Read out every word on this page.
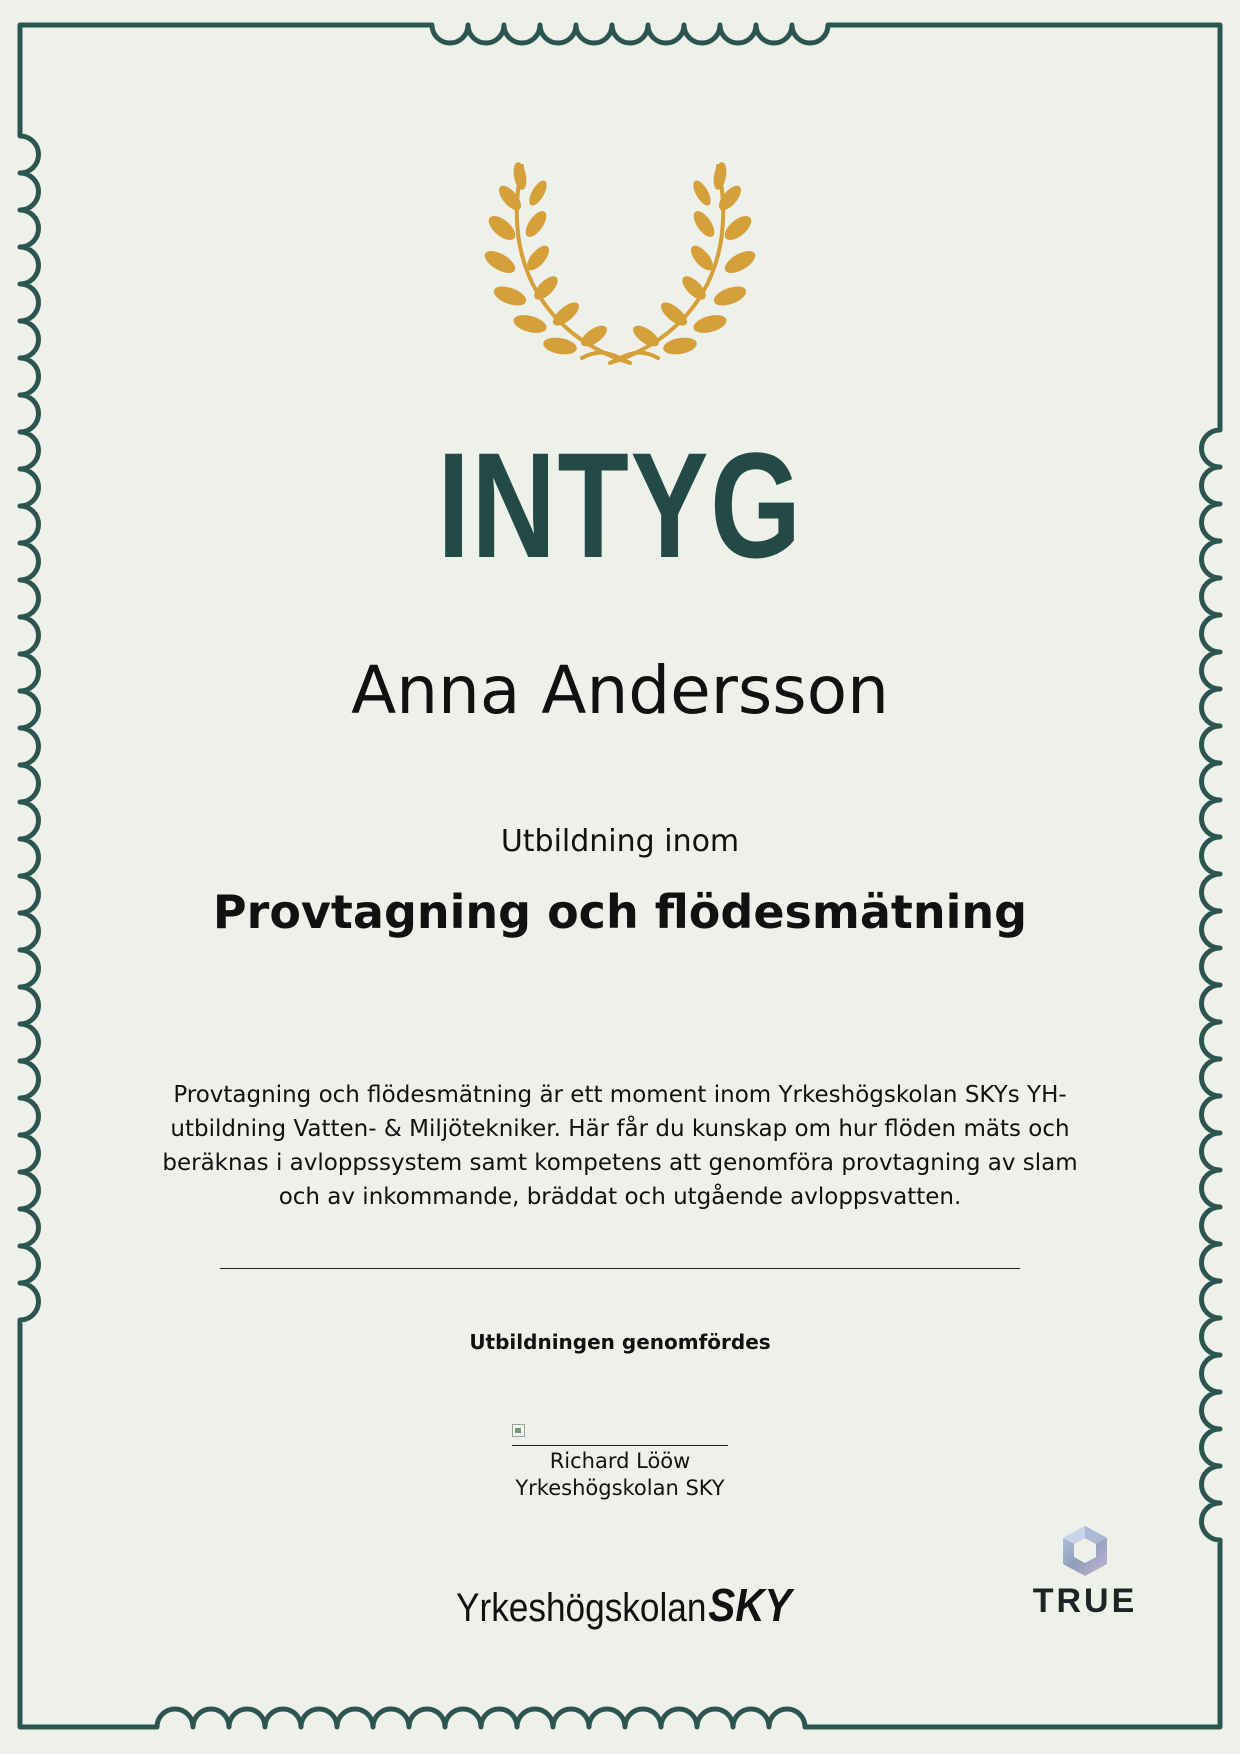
INTYG
Anna Andersson
Utbildning inom
Provtagning och flödesmätning
Provtagning och flödesmätning är ett moment inom Yrkeshögskolan SKYs YH-utbildning Vatten- & Miljötekniker. Här får du kunskap om hur flöden mäts och beräknas i avloppssystem samt kompetens att genomföra provtagning av slam och av inkommande, bräddat och utgående avloppsvatten.
Utbildningen genomfördes
Richard Lööw
Yrkeshögskolan SKY
YrkeshögskolanSKY	TRUE
